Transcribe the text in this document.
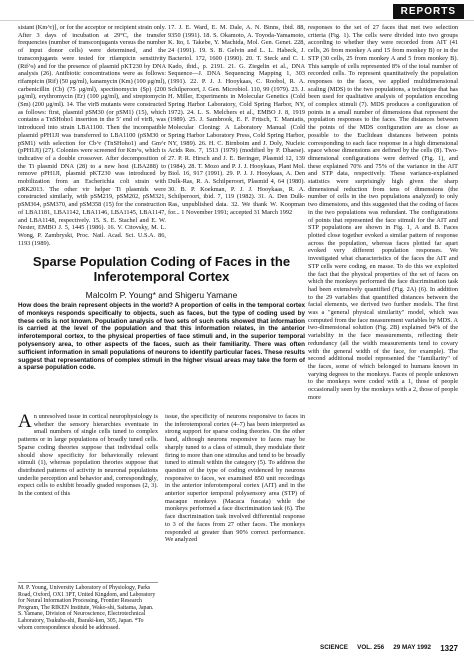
REPORTS

sistant (Km^r)], or for the acceptor or recipient strain only. After 3 days of incubation at 29°C, the transfer frequencies (number of transconjugants versus the number of input donor cells) were determined, and the transconjugants were tested for rifampicin sensitivity (Rif^s) and for the presence of plasmid pKT230 by DNA analysis (26). Antibiotic concentrations were as follows: rifampicin (Rif) (50 μg/ml), kanamycin (Km) (100 μg/ml), carbenicillin (Cb) (75 μg/ml), spectinomycin (Sp) (200 μg/ml), erythromycin (Er) (100 μg/ml), and streptomycin (Sm) (200 μg/ml). 14. The virB mutants were constructed as follows: first, plasmid pSM30 (or pSM1) (15), which contains a TnSHoho1 insertion in the 5′ end of virB, was introduced into strain LBA1100. Then the incompatible plasmid pPH1JI was transferred to LBA1100 (pSM30 or pSM1) with selection for Cb^r (TnSHoho1) and Gm^r (pPH1JI) (27). Colonies were screened for Km^s, which is indicative of a double crossover. After decomposition of the Ti plasmid DNA (28) to a new host (LBA288) to remove pPH1JI, plasmid pKT230 was introduced by mobilization from an Escherichia coli strain with pRK2013. The other vir helper Ti plasmids were constructed similarly, with pSM219, pSM202, pSM321, pSM364, pSM370, and pSM358 (15) for the construction of LBA1181, LBA1142, LBA1146, LBA1145, LBA1147, and LBA1148, respectively. 15. S. E. Stachel and E. W. Nester, EMBO J. 5, 1445 (1986). 16. V. Citovsky, M. L. Wong, P. Zambryski, Proc. Natl. Acad. Sci. U.S.A. 86, 1193 (1989).

17. J. E. Ward, E. M. Dale, A. N. Binns, ibid. 88, 9350 (1991). 18. S. Okamoto, A. Toyoda-Yamamoto, K. Ito, I. Takebe, Y. Machida, Mol. Gen. Genet. 228, 24 (1991). 19. S. B. Gelvin and L. L. Habeck, J. Bacteriol. 172, 1600 (1990). 20. T. Steck and C. I. Kado, ibid., p. 2191. 21. G. Ziegelin et al., DNA Sequence—J. DNA Sequencing Mapping 1, 303 (1991). 22. P. J. J. Hooykaas, C. Roobol, R. A. Schilperoort, J. Gen. Microbiol. 110, 99 (1979). 23. J. H. Miller, Experiments in Molecular Genetics (Cold Spring Harbor Laboratory, Cold Spring Harbor, NY, 1972). 24. L. S. Melchers et al., EMBO J. 8, 1919 (1989). 25. J. Sambrook, E. F. Fritsch, T. Maniatis, Molecular Cloning: A Laboratory Manual (Cold Spring Harbor Laboratory Press, Cold Spring Harbor, NY, 1989). 26. H. C. Birnboim and J. Doly, Nucleic Acids Res. 7, 1513 (1979) (modified by P. Dhaese). 27. P. R. Hirsch and J. E. Beringer, Plasmid 12, 139 (1984). 28. T. Mozo and P. J. J. Hooykaas, Plant Mol. Biol. 16, 917 (1991). 29. P. J. J. Hooykaas, A. Den Dulk-Ras, R. A. Schilperoort, Plasmid 4, 64 (1980). 30. B. P. Koekman, P. J. J. Hooykaas, R. A. Schilperoort, ibid. 7, 119 (1982). 31. A. Den Dulk-Ras, unpublished data. 32. We thank W. Koopman for... 1 November 1991; accepted 31 March 1992

responses to the set of 27 faces that met two selection criteria (Fig. 1). The cells were divided into two groups according to whether they were recorded from AIT (41 cells, 26 from monkey A and 15 from monkey B) or in the STP (30 cells, 25 from monkey A and 5 from monkey B). This sample of cells represented 8% of the total number of recorded cells. To represent quantitatively the population responses to the faces, we applied multidimensional scaling (MDS) to the two populations, a technique that has been used for qualitative analysis of population encoding of complex stimuli (7). MDS produces a configuration of points in a small number of dimensions that represent the population responses to the faces. The distances between the points of the MDS configuration are as close as possible to the Euclidean distances between points corresponding to each face response in a high dimensional space whose dimensions are defined by the cells (8). Two-dimensional configurations were derived (Fig. 1), and these explained 70% and 75% of the variance in the AIT and STP data, respectively. These variance-explained statistics were surprisingly high given the sharp dimensional reduction from tens of dimensions (the number of cells in the two populations analyzed) to only two dimensions, and this suggested that the coding of faces in the two populations was redundant. The configurations of points that represented the face stimuli for the AIT and STP populations are shown in Fig. 1, A and B. Faces plotted close together evoked a similar pattern of response across the population, whereas faces plotted far apart evoked very different population responses. We investigated what characteristics of the faces the AIT and STP cells were coding, en masse. To do this we exploited the fact that the physical properties of the set of faces on which the monkeys performed the face discrimination task had been extensively quantified (Fig. 2A) (6). In addition to the 29 variables that quantified distances between the facial elements, we derived two further models. The first was a "general physical similarity" model, which was computed from the face measurement variables by MDS. A two-dimensional solution (Fig. 2B) explained 94% of the variability in the face measurements, reflecting their redundancy (all the width measurements tend to covary with the general width of the face, for example). The second additional model represented the "familiarity" of the faces, some of which belonged to humans known in varying degrees to the monkeys. Faces of people unknown to the monkeys were coded with a 1, those of people occasionally seen by the monkeys with a 2, those of people more

Sparse Population Coding of Faces in the Inferotemporal Cortex
Malcolm P. Young* and Shigeru Yamane
How does the brain represent objects in the world? A proportion of cells in the temporal cortex of monkeys responds specifically to objects, such as faces, but the type of coding used by these cells is not known. Population analysis of two sets of such cells showed that information is carried at the level of the population and that this information relates, in the anterior inferotemporal cortex, to the physical properties of face stimuli and, in the superior temporal polysensory area, to other aspects of the faces, such as their familiarity. There was often sufficient information in small populations of neurons to identify particular faces. These results suggest that representations of complex stimuli in the higher visual areas may take the form of a sparse population code.

An unresolved issue in cortical neurophysiology is whether the sensory hierarchies eventuate in small numbers of single cells tuned to complex patterns or in large populations of broadly tuned cells. Sparse coding theories suppose that individual cells should show specificity for behaviorally relevant stimuli (1), whereas population theories suppose that distributed patterns of activity in neuronal populations underlie perception and behavior and, correspondingly, expect cells to exhibit broadly graded responses (2, 3). In the context of this

issue, the specificity of neurons responsive to faces in the inferotemporal cortex (4–7) has been interpreted as strong support for sparse coding theories. On the other hand, although neurons responsive to faces may be sharply tuned to a class of stimuli, they modulate their firing to more than one stimulus and tend to be broadly tuned to stimuli within the category (5). To address the question of the type of coding evidenced by neurons responsive to faces, we examined 850 unit recordings in the anterior inferotemporal cortex (AIT) and in the anterior superior temporal polysensory area (STP) of macaque monkeys (Macaca fuscata) while the monkeys performed a face discrimination task (6). The face discrimination task involved differential response to 3 of the faces from 27 other faces. The monkeys responded at greater than 90% correct performance. We analyzed

M. P. Young, University Laboratory of Physiology, Parks Road, Oxford, OX1 3PT, United Kingdom, and Laboratory for Neural Information Processing, Frontier Research Program, The RIKEN Institute, Wako-shi, Saitama, Japan. S. Yamane, Division of Neuroscience, Electrotechnical Laboratory, Tsukuba-shi, Ibaraki-ken, 305, Japan. *To whom correspondence should be addressed.
SCIENCE VOL. 256 29 MAY 1992 1327
